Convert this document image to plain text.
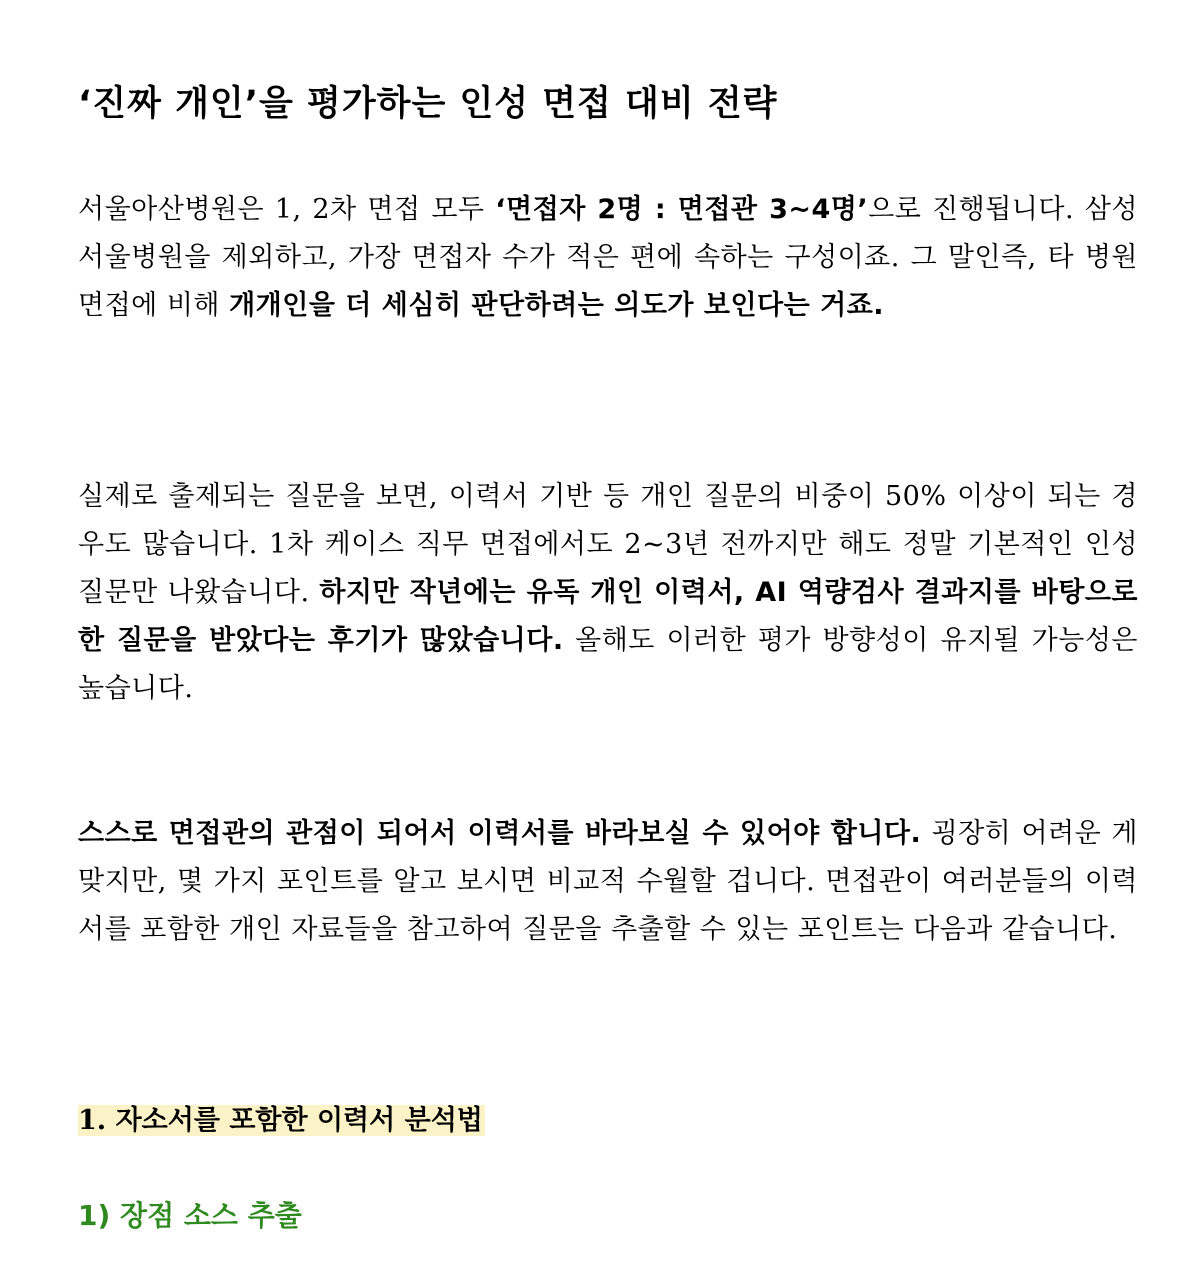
‘진짜 개인’을 평가하는 인성 면접 대비 전략

서울아산병원은 1, 2차 면접 모두 ‘면접자 2명 : 면접관 3~4명’으로 진행됩니다. 삼성서울병원을 제외하고, 가장 면접자 수가 적은 편에 속하는 구성이죠. 그 말인즉, 타 병원 면접에 비해 개개인을 더 세심히 판단하려는 의도가 보인다는 거죠.

실제로 출제되는 질문을 보면, 이력서 기반 등 개인 질문의 비중이 50% 이상이 되는 경우도 많습니다. 1차 케이스 직무 면접에서도 2~3년 전까지만 해도 정말 기본적인 인성 질문만 나왔습니다. 하지만 작년에는 유독 개인 이력서, AI 역량검사 결과지를 바탕으로 한 질문을 받았다는 후기가 많았습니다. 올해도 이러한 평가 방향성이 유지될 가능성은 높습니다.

스스로 면접관의 관점이 되어서 이력서를 바라보실 수 있어야 합니다. 굉장히 어려운 게 맞지만, 몇 가지 포인트를 알고 보시면 비교적 수월할 겁니다. 면접관이 여러분들의 이력서를 포함한 개인 자료들을 참고하여 질문을 추출할 수 있는 포인트는 다음과 같습니다.

1. 자소서를 포함한 이력서 분석법
1) 장점 소스 추출
